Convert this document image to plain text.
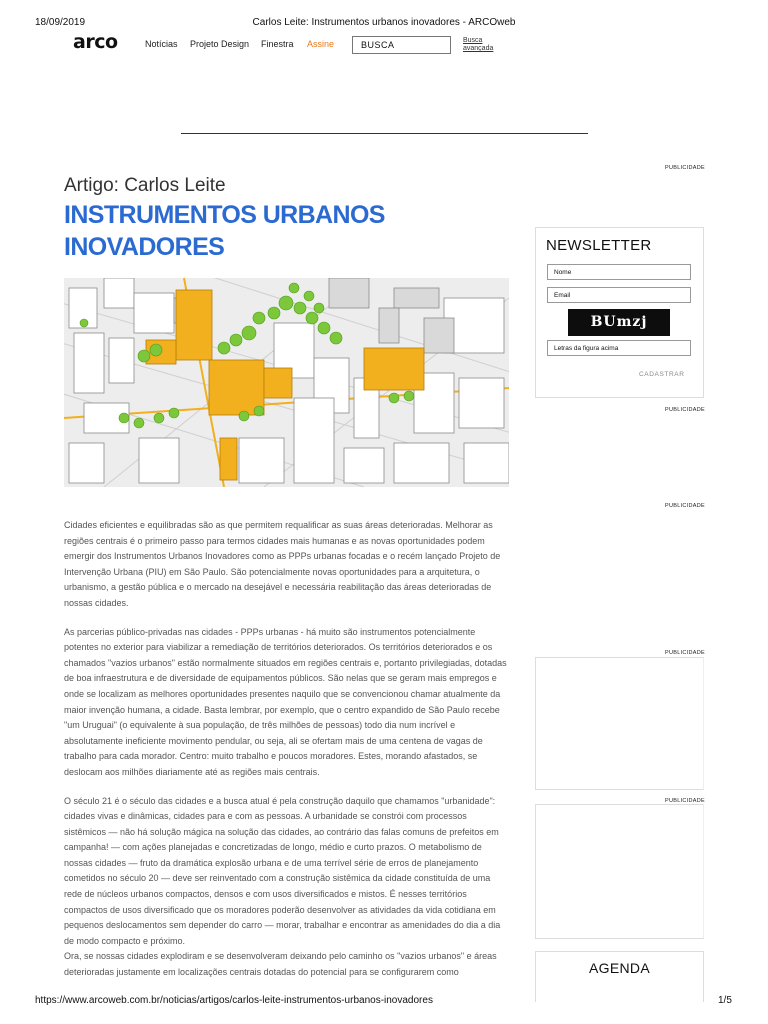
18/09/2019	Carlos Leite: Instrumentos urbanos inovadores - ARCOweb
arco	Notícias Projeto Design Finestra Assine	BUSCA	Busca
avançada
PUBLICIDADE
PUBLICIDADE
PUBLICIDADE
PUBLICIDADE
PUBLICIDADE
Artigo: Carlos Leite
INSTRUMENTOS URBANOS
INOVADORES

Cidades eficientes e equilibradas são as que permitem requalificar as suas áreas deterioradas. Melhorar as regiões centrais é o primeiro passo para termos cidades mais humanas e as novas oportunidades podem emergir dos Instrumentos Urbanos Inovadores como as PPPs urbanas focadas e o recém lançado Projeto de Intervenção Urbana (PIU) em São Paulo. São potencialmente novas oportunidades para a arquitetura, o urbanismo, a gestão pública e o mercado na desejável e necessária reabilitação das áreas deterioradas de nossas cidades.

As parcerias público-privadas nas cidades - PPPs urbanas - há muito são instrumentos potencialmente potentes no exterior para viabilizar a remediação de territórios deteriorados. Os territórios deteriorados e os chamados "vazios urbanos" estão normalmente situados em regiões centrais e, portanto privilegiadas, dotadas de boa infraestrutura e de diversidade de equipamentos públicos. São nelas que se geram mais empregos e onde se localizam as melhores oportunidades presentes naquilo que se convencionou chamar atualmente da maior invenção humana, a cidade. Basta lembrar, por exemplo, que o centro expandido de São Paulo recebe "um Uruguai" (o equivalente à sua população, de três milhões de pessoas) todo dia num incrível e absolutamente ineficiente movimento pendular, ou seja, ali se ofertam mais de uma centena de vagas de trabalho para cada morador. Centro: muito trabalho e poucos moradores. Estes, morando afastados, se deslocam aos milhões diariamente até as regiões mais centrais.

O século 21 é o século das cidades e a busca atual é pela construção daquilo que chamamos "urbanidade": cidades vivas e dinâmicas, cidades para e com as pessoas. A urbanidade se constrói com processos sistêmicos — não há solução mágica na solução das cidades, ao contrário das falas comuns de prefeitos em campanha! — com ações planejadas e concretizadas de longo, médio e curto prazos. O metabolismo de nossas cidades — fruto da dramática explosão urbana e de uma terrível série de erros de planejamento cometidos no século 20 — deve ser reinventado com a construção sistêmica da cidade constituída de uma rede de núcleos urbanos compactos, densos e com usos diversificados e mistos. É nesses territórios compactos de usos diversificado que os moradores poderão desenvolver as atividades da vida cotidiana em pequenos deslocamentos sem depender do carro — morar, trabalhar e encontrar as amenidades do dia a dia de modo compacto e próximo.

Ora, se nossas cidades explodiram e se desenvolveram deixando pelo caminho os "vazios urbanos" e áreas deterioradas justamente em localizações centrais dotadas do potencial para se configurarem como

NEWSLETTER
Nome
Email
BUmzj
Letras da figura acima
CADASTRAR
AGENDA
https://www.arcoweb.com.br/noticias/artigos/carlos-leite-instrumentos-urbanos-inovadores	1/5
